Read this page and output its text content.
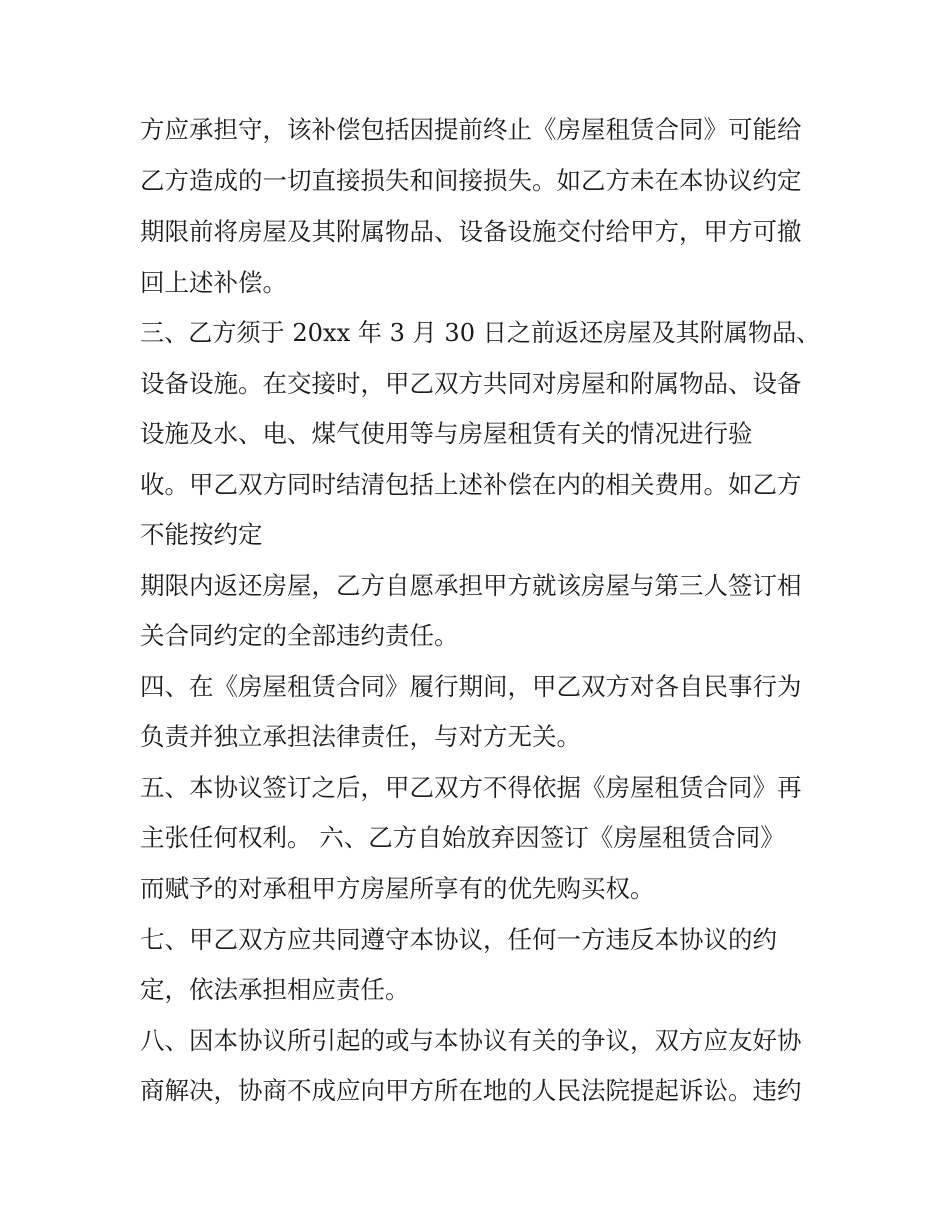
方应承担守，该补偿包括因提前终止《房屋租赁合同》可能给
乙方造成的一切直接损失和间接损失。如乙方未在本协议约定
期限前将房屋及其附属物品、设备设施交付给甲方，甲方可撤
回上述补偿。
三、乙方须于 20xx 年 3 月 30 日之前返还房屋及其附属物品、
设备设施。在交接时，甲乙双方共同对房屋和附属物品、设备
设施及水、电、煤气使用等与房屋租赁有关的情况进行验
收。甲乙双方同时结清包括上述补偿在内的相关费用。如乙方
不能按约定
期限内返还房屋，乙方自愿承担甲方就该房屋与第三人签订相
关合同约定的全部违约责任。
四、在《房屋租赁合同》履行期间，甲乙双方对各自民事行为
负责并独立承担法律责任，与对方无关。
五、本协议签订之后，甲乙双方不得依据《房屋租赁合同》再
主张任何权利。 六、乙方自始放弃因签订《房屋租赁合同》
而赋予的对承租甲方房屋所享有的优先购买权。
七、甲乙双方应共同遵守本协议，任何一方违反本协议的约
定，依法承担相应责任。
八、因本协议所引起的或与本协议有关的争议，双方应友好协
商解决，协商不成应向甲方所在地的人民法院提起诉讼。违约
